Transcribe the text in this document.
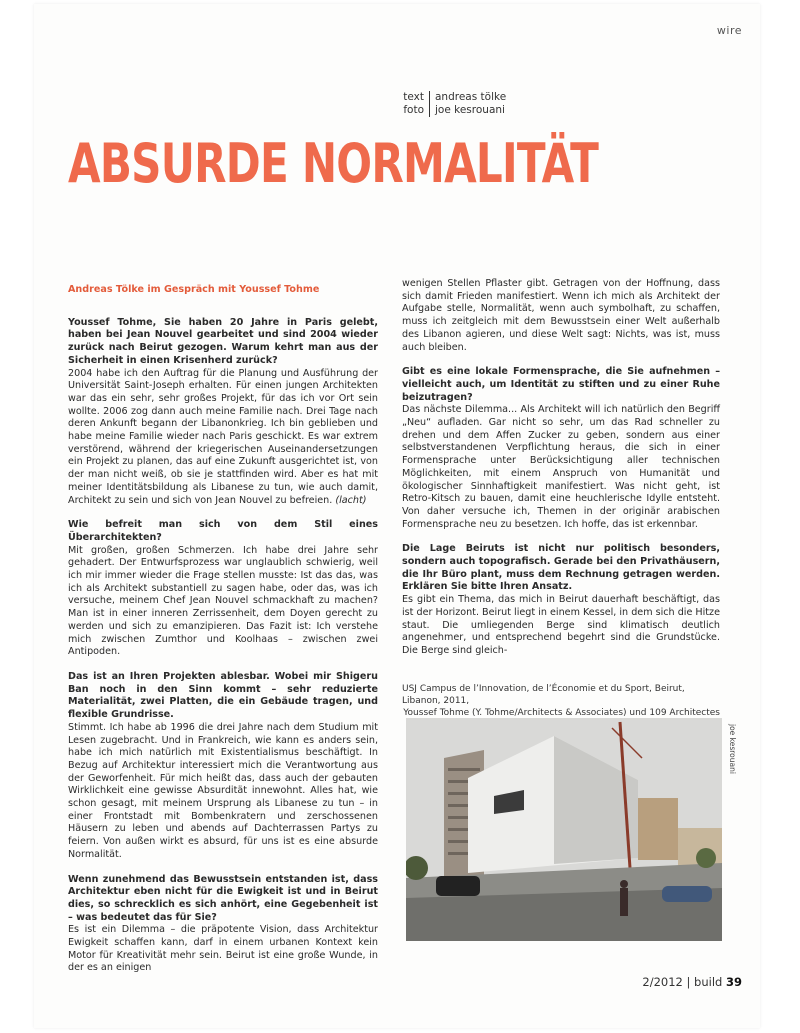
wire
text	andreas tölke
foto	joe kesrouani
ABSURDE NORMALITÄT

Andreas Tölke im Gespräch mit Youssef Tohme

Youssef Tohme, Sie haben 20 Jahre in Paris gelebt, haben bei Jean Nouvel gearbeitet und sind 2004 wieder zurück nach Beirut gezogen. Warum kehrt man aus der Sicherheit in einen Krisenherd zurück?

2004 habe ich den Auftrag für die Planung und Ausführung der Universität Saint-Joseph erhalten. Für einen jungen Architekten war das ein sehr, sehr großes Projekt, für das ich vor Ort sein wollte. 2006 zog dann auch meine Familie nach. Drei Tage nach deren Ankunft begann der Libanonkrieg. Ich bin geblieben und habe meine Familie wieder nach Paris geschickt. Es war extrem verstörend, während der kriegerischen Auseinandersetzungen ein Projekt zu planen, das auf eine Zukunft ausgerichtet ist, von der man nicht weiß, ob sie je stattfinden wird. Aber es hat mit meiner Identitätsbildung als Libanese zu tun, wie auch damit, Architekt zu sein und sich von Jean Nouvel zu befreien. (lacht)

Wie befreit man sich von dem Stil eines Überarchitekten?

Mit großen, großen Schmerzen. Ich habe drei Jahre sehr gehadert. Der Entwurfsprozess war unglaublich schwierig, weil ich mir immer wieder die Frage stellen musste: Ist das das, was ich als Architekt substantiell zu sagen habe, oder das, was ich versuche, meinem Chef Jean Nouvel schmackhaft zu machen? Man ist in einer inneren Zerrissenheit, dem Doyen gerecht zu werden und sich zu emanzipieren. Das Fazit ist: Ich verstehe mich zwischen Zumthor und Koolhaas – zwischen zwei Antipoden.

Das ist an Ihren Projekten ablesbar. Wobei mir Shigeru Ban noch in den Sinn kommt – sehr reduzierte Materialität, zwei Platten, die ein Gebäude tragen, und flexible Grundrisse.

Stimmt. Ich habe ab 1996 die drei Jahre nach dem Studium mit Lesen zugebracht. Und in Frankreich, wie kann es anders sein, habe ich mich natürlich mit Existentialismus beschäftigt. In Bezug auf Architektur interessiert mich die Verantwortung aus der Geworfenheit. Für mich heißt das, dass auch der gebauten Wirklichkeit eine gewisse Absurdität innewohnt. Alles hat, wie schon gesagt, mit meinem Ursprung als Libanese zu tun – in einer Frontstadt mit Bombenkratern und zerschossenen Häusern zu leben und abends auf Dachterrassen Partys zu feiern. Von außen wirkt es absurd, für uns ist es eine absurde Normalität.

Wenn zunehmend das Bewusstsein entstanden ist, dass Architektur eben nicht für die Ewigkeit ist und in Beirut dies, so schrecklich es sich anhört, eine Gegebenheit ist – was bedeutet das für Sie?

Es ist ein Dilemma – die präpotente Vision, dass Architektur Ewigkeit schaffen kann, darf in einem urbanen Kontext kein Motor für Kreativität mehr sein. Beirut ist eine große Wunde, in der es an einigen

wenigen Stellen Pflaster gibt. Getragen von der Hoffnung, dass sich damit Frieden manifestiert. Wenn ich mich als Architekt der Aufgabe stelle, Normalität, wenn auch symbolhaft, zu schaffen, muss ich zeitgleich mit dem Bewusstsein einer Welt außerhalb des Libanon agieren, und diese Welt sagt: Nichts, was ist, muss auch bleiben.

Gibt es eine lokale Formensprache, die Sie aufnehmen – vielleicht auch, um Identität zu stiften und zu einer Ruhe beizutragen?

Das nächste Dilemma... Als Architekt will ich natürlich den Begriff „Neu“ aufladen. Gar nicht so sehr, um das Rad schneller zu drehen und dem Affen Zucker zu geben, sondern aus einer selbstverstandenen Verpflichtung heraus, die sich in einer Formensprache unter Berücksichtigung aller technischen Möglichkeiten, mit einem Anspruch von Humanität und ökologischer Sinnhaftigkeit manifestiert. Was nicht geht, ist Retro-Kitsch zu bauen, damit eine heuchlerische Idylle entsteht. Von daher versuche ich, Themen in der originär arabischen Formensprache neu zu besetzen. Ich hoffe, das ist erkennbar.

Die Lage Beiruts ist nicht nur politisch besonders, sondern auch topografisch. Gerade bei den Privathäusern, die Ihr Büro plant, muss dem Rechnung getragen werden. Erklären Sie bitte Ihren Ansatz.

Es gibt ein Thema, das mich in Beirut dauerhaft beschäftigt, das ist der Horizont. Beirut liegt in einem Kessel, in dem sich die Hitze staut. Die umliegenden Berge sind klimatisch deutlich angenehmer, und entsprechend begehrt sind die Grundstücke. Die Berge sind gleich-

USJ Campus de l’Innovation, de l’Économie et du Sport, Beirut, Libanon, 2011,
Youssef Tohme (Y. Tohme/Architects & Associates) und 109 Architectes
joe kesrouani
2/2012 | build 39
